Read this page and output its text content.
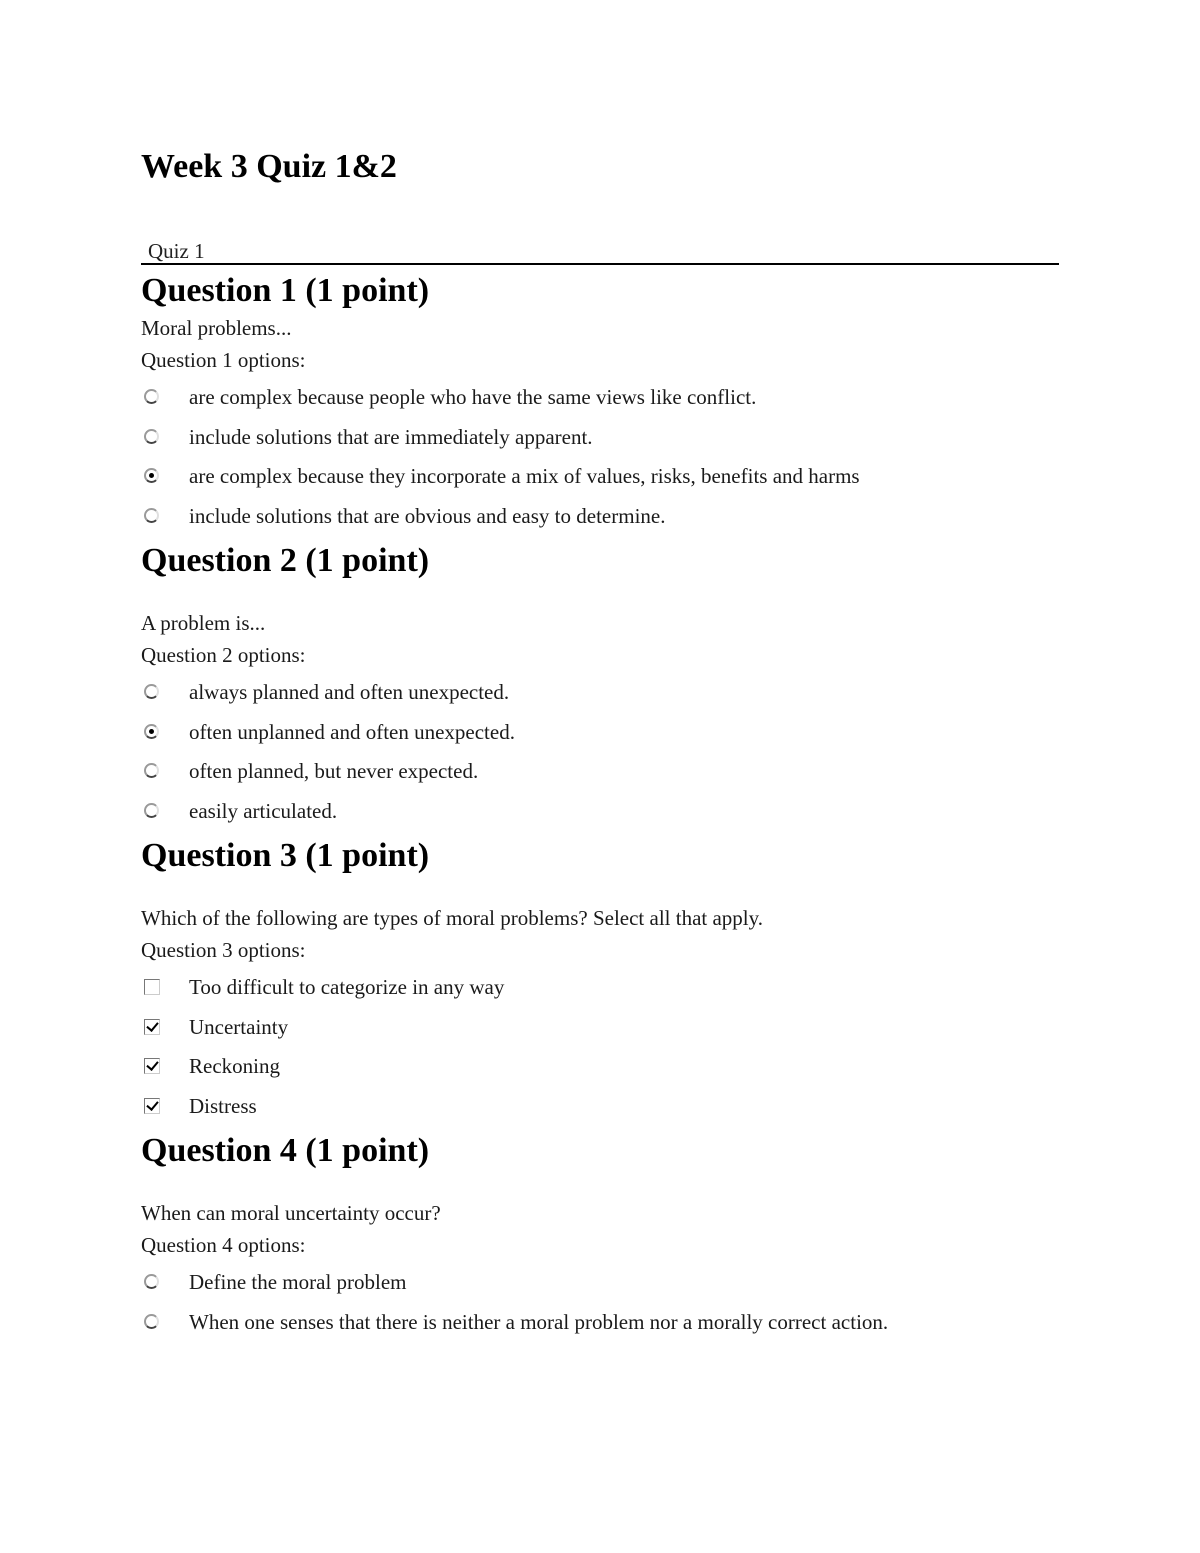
Week 3 Quiz 1&2
Quiz 1
Question 1 (1 point)
Moral problems...
Question 1 options:
are complex because people who have the same views like conflict.
include solutions that are immediately apparent.
are complex because they incorporate a mix of values, risks, benefits and harms
include solutions that are obvious and easy to determine.
Question 2 (1 point)
A problem is...
Question 2 options:
always planned and often unexpected.
often unplanned and often unexpected.
often planned, but never expected.
easily articulated.
Question 3 (1 point)
Which of the following are types of moral problems? Select all that apply.
Question 3 options:
Too difficult to categorize in any way
Uncertainty
Reckoning
Distress
Question 4 (1 point)
When can moral uncertainty occur?
Question 4 options:
Define the moral problem
When one senses that there is neither a moral problem nor a morally correct action.
